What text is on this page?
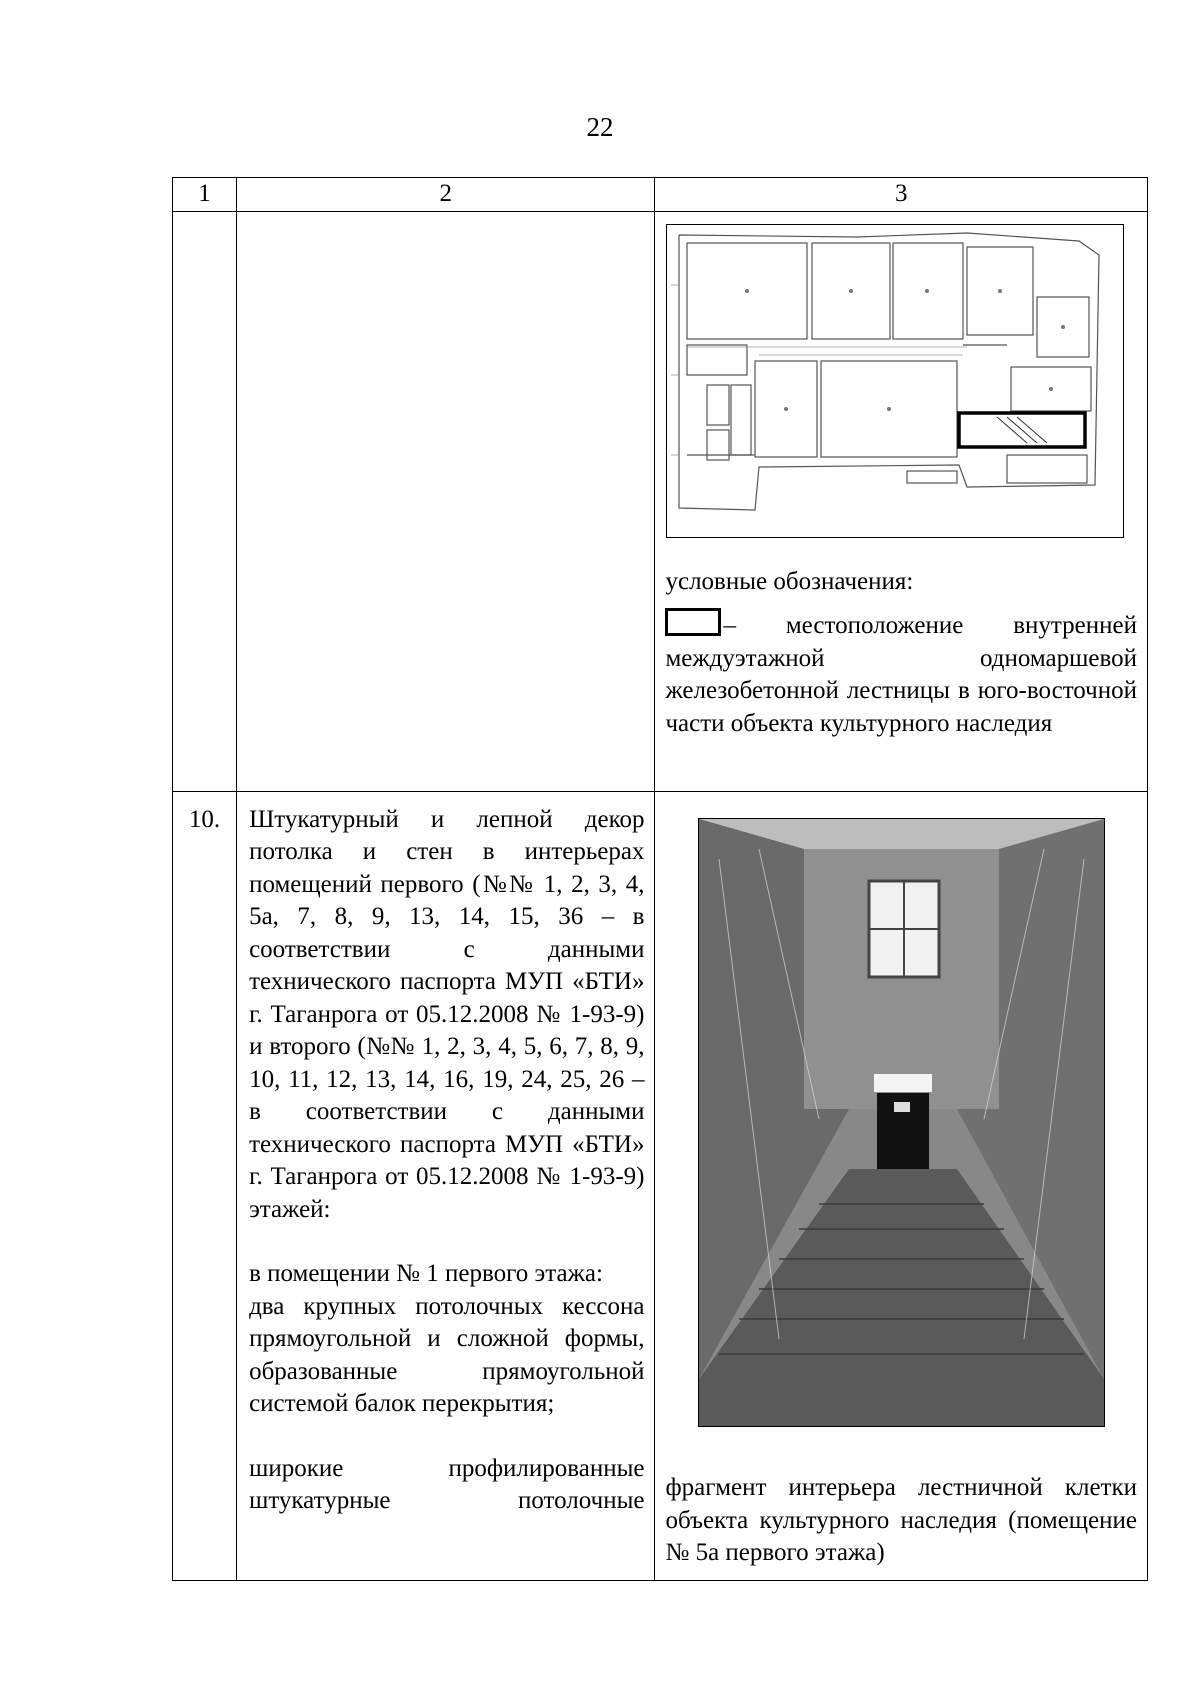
22
1	2	3

		условные обозначения:
– местоположение внутренней междуэтажной одномаршевой железобетонной лестницы в юго-восточной части объекта культурного наследия

10.	Штукатурный и лепной декор потолка и стен в интерьерах помещений первого (№№ 1, 2, 3, 4, 5а, 7, 8, 9, 13, 14, 15, 36 – в соответствии с данными технического паспорта МУП «БТИ» г. Таганрога от 05.12.2008 № 1-93-9) и второго (№№ 1, 2, 3, 4, 5, 6, 7, 8, 9, 10, 11, 12, 13, 14, 16, 19, 24, 25, 26 – в соответствии с данными технического паспорта МУП «БТИ» г. Таганрога от 05.12.2008 № 1-93-9) этажей:

в помещении № 1 первого этажа:

два крупных потолочных кессона прямоугольной и сложной формы, образованные прямоугольной системой балок перекрытия;

широкие профилированные штукатурные потолочные	фрагмент интерьера лестничной клетки объекта культурного наследия (помещение № 5а первого этажа)
